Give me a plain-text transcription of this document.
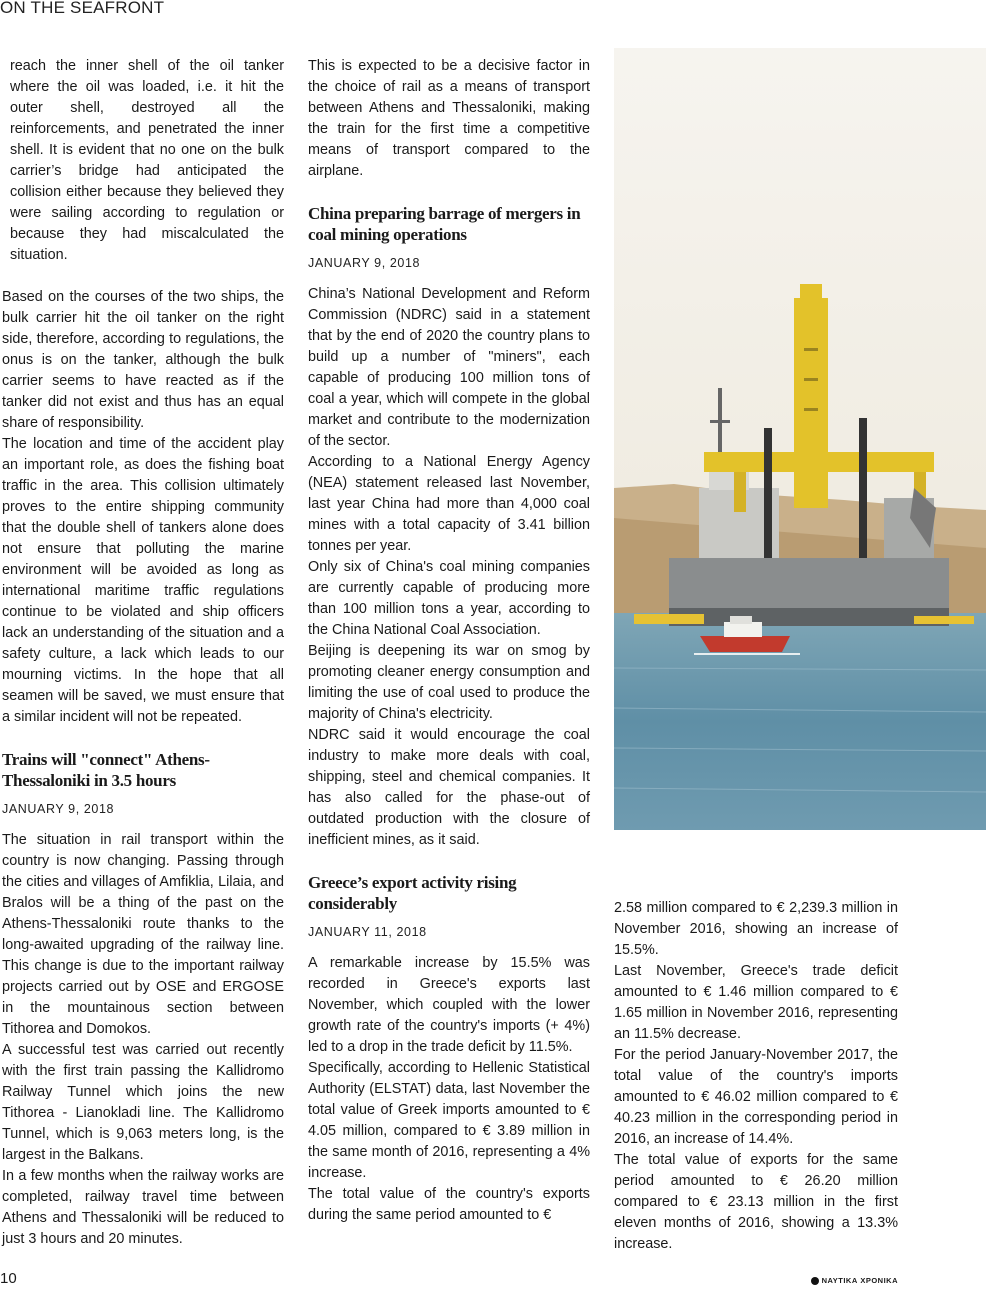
ON THE SEAFRONT

reach the inner shell of the oil tanker where the oil was loaded, i.e. it hit the outer shell, destroyed all the reinforcements, and penetrated the inner shell. It is evident that no one on the bulk carrier’s bridge had anticipated the collision either because they believed they were sailing according to regulation or because they had miscalculated the situation.

Based on the courses of the two ships, the bulk carrier hit the oil tanker on the right side, therefore, according to regulations, the onus is on the tanker, although the bulk carrier seems to have reacted as if the tanker did not exist and thus has an equal share of responsibility.

The location and time of the accident play an important role, as does the fishing boat traffic in the area. This collision ultimately proves to the entire shipping community that the double shell of tankers alone does not ensure that polluting the marine environment will be avoided as long as international maritime traffic regulations continue to be violated and ship officers lack an understanding of the situation and a safety culture, a lack which leads to our mourning victims. In the hope that all seamen will be saved, we must ensure that a similar incident will not be repeated.

Trains will "connect" Athens-Thessaloniki in 3.5 hours
JANUARY 9, 2018

The situation in rail transport within the country is now changing. Passing through the cities and villages of Amfiklia, Lilaia, and Bralos will be a thing of the past on the Athens-Thessaloniki route thanks to the long-awaited upgrading of the railway line. This change is due to the important railway projects carried out by OSE and ERGOSE in the mountainous section between Tithorea and Domokos.

A successful test was carried out recently with the first train passing the Kallidromo Railway Tunnel which joins the new Tithorea - Lianokladi line. The Kallidromo Tunnel, which is 9,063 meters long, is the largest in the Balkans.

In a few months when the railway works are completed, railway travel time between Athens and Thessaloniki will be reduced to just 3 hours and 20 minutes.

This is expected to be a decisive factor in the choice of rail as a means of transport between Athens and Thessaloniki, making the train for the first time a competitive means of transport compared to the airplane.

China preparing barrage of mergers in coal mining operations
JANUARY 9, 2018

China’s National Development and Reform Commission (NDRC) said in a statement that by the end of 2020 the country plans to build up a number of "miners", each capable of producing 100 million tons of coal a year, which will compete in the global market and contribute to the modernization of the sector.

According to a National Energy Agency (NEA) statement released last November, last year China had more than 4,000 coal mines with a total capacity of 3.41 billion tonnes per year.

Only six of China's coal mining companies are currently capable of producing more than 100 million tons a year, according to the China National Coal Association.

Beijing is deepening its war on smog by promoting cleaner energy consumption and limiting the use of coal used to produce the majority of China's electricity.

NDRC said it would encourage the coal industry to make more deals with coal, shipping, steel and chemical companies. It has also called for the phase-out of outdated production with the closure of inefficient mines, as it said.

Greece’s export activity rising considerably
JANUARY 11, 2018

A remarkable increase by 15.5% was recorded in Greece's exports last November, which coupled with the lower growth rate of the country's imports (+ 4%) led to a drop in the trade deficit by 11.5%.

Specifically, according to Hellenic Statistical Authority (ELSTAT) data, last November the total value of Greek imports amounted to € 4.05 million, compared to € 3.89 million in the same month of 2016, representing a 4% increase.

The total value of the country's exports during the same period amounted to €

2.58 million compared to € 2,239.3 million in November 2016, showing an increase of 15.5%.

Last November, Greece's trade deficit amounted to € 1.46 million compared to € 1.65 million in November 2016, representing an 11.5% decrease.

For the period January-November 2017, the total value of the country's imports amounted to € 46.02 million compared to € 40.23 million in the corresponding period in 2016, an increase of 14.4%.

The total value of exports for the same period amounted to € 26.20 million compared to € 23.13 million in the first eleven months of 2016, showing a 13.3% increase.

10	ΝΑΥΤΙΚΑ ΧΡΟΝΙΚΑ
